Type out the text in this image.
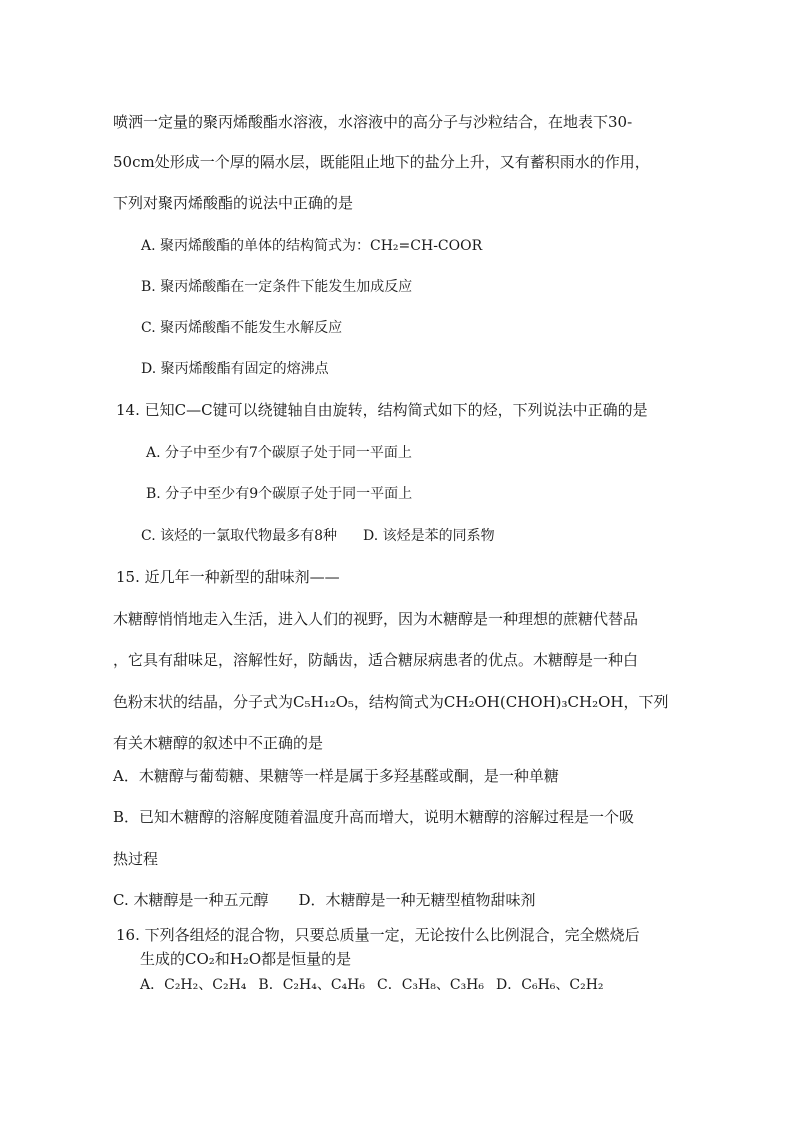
喷洒一定量的聚丙烯酸酯水溶液，水溶液中的高分子与沙粒结合，在地表下30-
50cm处形成一个厚的隔水层，既能阻止地下的盐分上升，又有蓄积雨水的作用，
下列对聚丙烯酸酯的说法中正确的是
A. 聚丙烯酸酯的单体的结构简式为：CH₂=CH-COOR
B. 聚丙烯酸酯在一定条件下能发生加成反应
C. 聚丙烯酸酯不能发生水解反应
D. 聚丙烯酸酯有固定的熔沸点
14. 已知C—C键可以绕键轴自由旋转，结构简式如下的烃，下列说法中正确的是
A. 分子中至少有7个碳原子处于同一平面上
B. 分子中至少有9个碳原子处于同一平面上
C. 该烃的一氯取代物最多有8种 D. 该烃是苯的同系物
15. 近几年一种新型的甜味剂——
木糖醇悄悄地走入生活，进入人们的视野，因为木糖醇是一种理想的蔗糖代替品
，它具有甜味足，溶解性好，防龋齿，适合糖尿病患者的优点。木糖醇是一种白
色粉末状的结晶，分子式为C₅H₁₂O₅，结构简式为CH₂OH(CHOH)₃CH₂OH，下列
有关木糖醇的叙述中不正确的是
A．木糖醇与葡萄糖、果糖等一样是属于多羟基醛或酮，是一种单糖
B．已知木糖醇的溶解度随着温度升高而增大，说明木糖醇的溶解过程是一个吸
热过程
C. 木糖醇是一种五元醇 D．木糖醇是一种无糖型植物甜味剂
16. 下列各组烃的混合物，只要总质量一定，无论按什么比例混合，完全燃烧后
生成的CO₂和H₂O都是恒量的是
A．C₂H₂、C₂H₄ B．C₂H₄、C₄H₆ C．C₃H₈、C₃H₆ D．C₆H₆、C₂H₂
